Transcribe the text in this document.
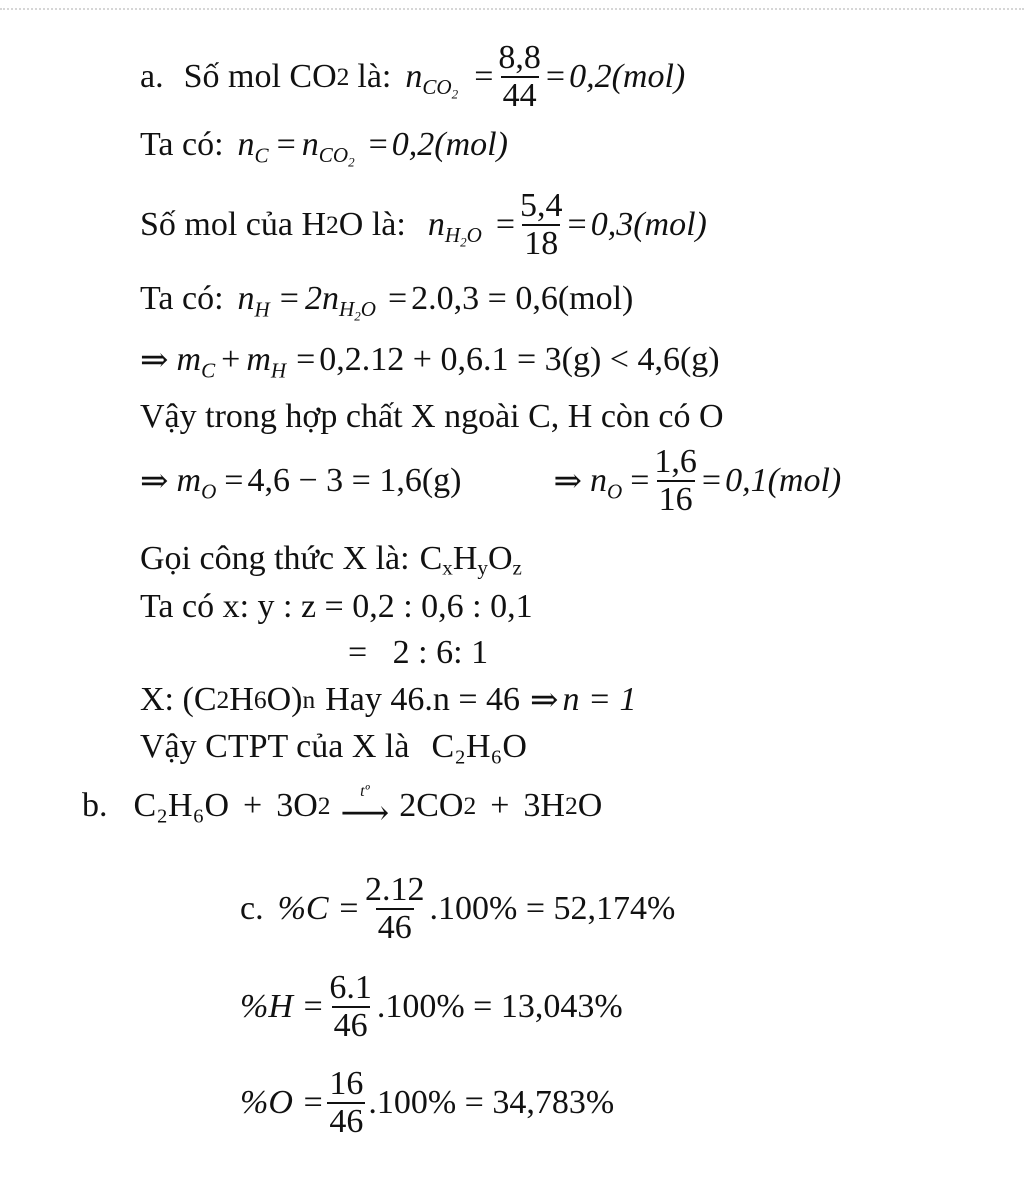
a. Số mol CO 2 là: $n_{CO_2} = \frac{8,8}{44} = 0,2(mol)$
Ta có: $n_C = n_{CO_2} = 0,2(mol)$
Số mol của H 2 O là: $n_{H_2O} = \frac{5,4}{18} = 0,3(mol)$
Ta có: $n_H = 2n_{H_2O} = 2.0,3 = 0,6(mol)$
⇒ $m_C + m_H = 0,2.12 + 0,6.1 = 3(g) < 4,6(g)$
Vậy trong hợp chất X ngoài C, H còn có O
⇒ $m_O = 4,6 - 3 = 1,6(g)$	⇒ $n_O = \frac{1,6}{16} = 0,1(mol)$
Gọi công thức X là: $C_xH_yO_z$
Ta có x: y : z = 0,2 : 0,6 : 0,1
=   2 : 6: 1
X: (C 2 H 6 O) n Hay 46.n = 46 ⇒ n = 1
Vậy CTPT của X là C₂H₆O
b. C₂H₆O + 3O 2 tº
⟶ 2CO 2 + 3H 2 O
c. $\%C = \frac{2.12}{46} .100\% = 52,174\%$
$\%H = \frac{6.1}{46} .100\% = 13,043\%$
$\%O = \frac{16}{46} .100\% = 34,783\%$
